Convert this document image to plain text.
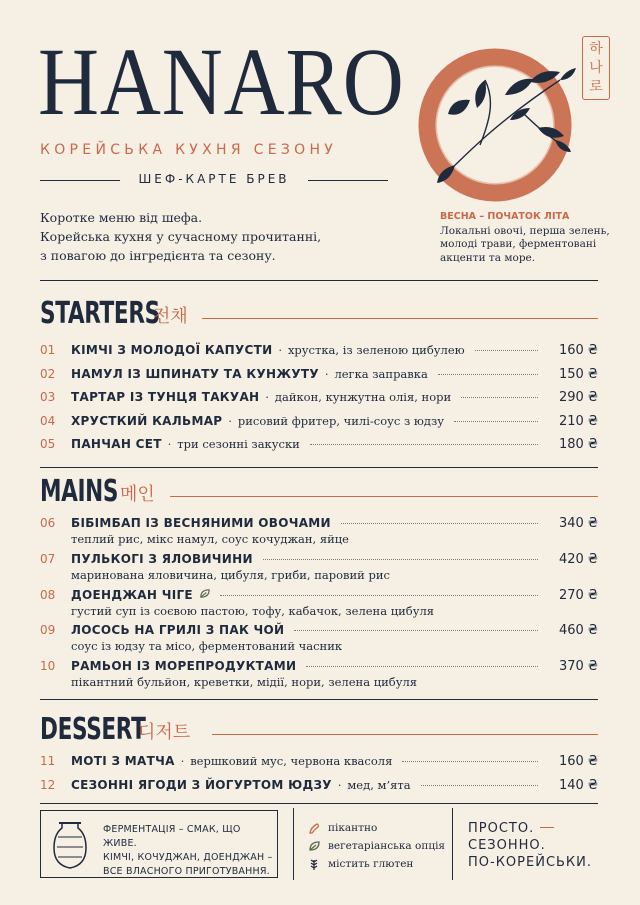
HANARO
КОРЕЙСЬКА КУХНЯ СЕЗОНУ
ШЕФ-КАРТЕ БРЕВ
하
나
로
Коротке меню від шефа.
Корейська кухня у сучасному прочитанні,
з повагою до інгредієнта та сезону.
ВЕСНА – ПОЧАТОК ЛІТА
Локальні овочі, перша зелень,
молоді трави, ферментовані
акценти та море.
STARTERS
전채
01	КІМЧІ З МОЛОДОЇ КАПУСТИ · хрустка, із зеленою цибулею	160 ₴
02	НАМУЛ ІЗ ШПИНАТУ ТА КУНЖУТУ · легка заправка	150 ₴
03	ТАРТАР ІЗ ТУНЦЯ ТАКУАН · дайкон, кунжутна олія, нори	290 ₴
04	ХРУСТКИЙ КАЛЬМАР · рисовий фритер, чилі-соус з юдзу	210 ₴
05	ПАНЧАН СЕТ · три сезонні закуски	180 ₴
MAINS 메인
06	БІБІМБАП ІЗ ВЕСНЯНИМИ ОВОЧАМИ	340 ₴
теплий рис, мікс намул, соус кочуджан, яйце
07	ПУЛЬКОГІ З ЯЛОВИЧИНИ	420 ₴
маринована яловичина, цибуля, гриби, паровий рис
08	ДОЕНДЖАН ЧІГЕ	270 ₴
густий суп із соєвою пастою, тофу, кабачок, зелена цибуля
09	ЛОСОСЬ НА ГРИЛІ З ПАК ЧОЙ	460 ₴
соус із юдзу та місо, ферментований часник
10	РАМЬОН ІЗ МОРЕПРОДУКТАМИ	370 ₴
пікантний бульйон, креветки, мідії, нори, зелена цибуля
DESSERT
디저트
11	МОТІ З МАТЧА · вершковий мус, червона квасоля	160 ₴
12	СЕЗОННІ ЯГОДИ З ЙОГУРТОМ ЮДЗУ · мед, м’ята	140 ₴
ФЕРМЕНТАЦІЯ – СМАК, ЩО ЖИВЕ.
КІМЧІ, КОЧУДЖАН, ДОЕНДЖАН –
ВСЕ ВЛАСНОГО ПРИГОТУВАННЯ.
пікантно
вегетаріанська опція
містить глютен
ПРОСТО.
СЕЗОННО.
ПО-КОРЕЙСЬКИ.
